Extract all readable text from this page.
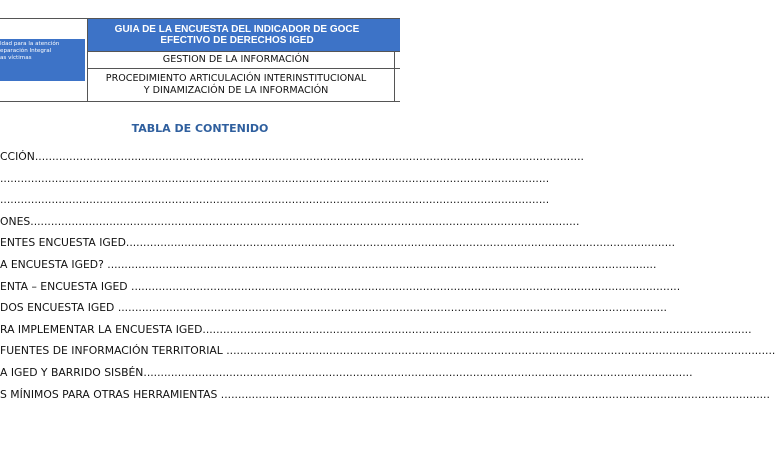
ldad para la atención
eparación Integral
as víctimas
GUIA DE LA ENCUESTA DEL INDICADOR DE GOCE
EFECTIVO DE DERECHOS IGED
GESTION DE LA INFORMACIÓN
PROCEDIMIENTO ARTICULACIÓN INTERINSTITUCIONAL
Y DINAMIZACIÓN DE LA INFORMACIÓN
TABLA DE CONTENIDO
CCIÓN................................................................................................................................................................
................................................................................................................................................................
................................................................................................................................................................
ONES................................................................................................................................................................
ENTES ENCUESTA IGED................................................................................................................................................................
A ENCUESTA IGED? ................................................................................................................................................................
ENTA – ENCUESTA IGED ................................................................................................................................................................
DOS ENCUESTA IGED ................................................................................................................................................................
RA IMPLEMENTAR LA ENCUESTA IGED................................................................................................................................................................
FUENTES DE INFORMACIÓN TERRITORIAL ................................................................................................................................................................
A IGED Y BARRIDO SISBÉN................................................................................................................................................................
S MÍNIMOS PARA OTRAS HERRAMIENTAS ................................................................................................................................................................
